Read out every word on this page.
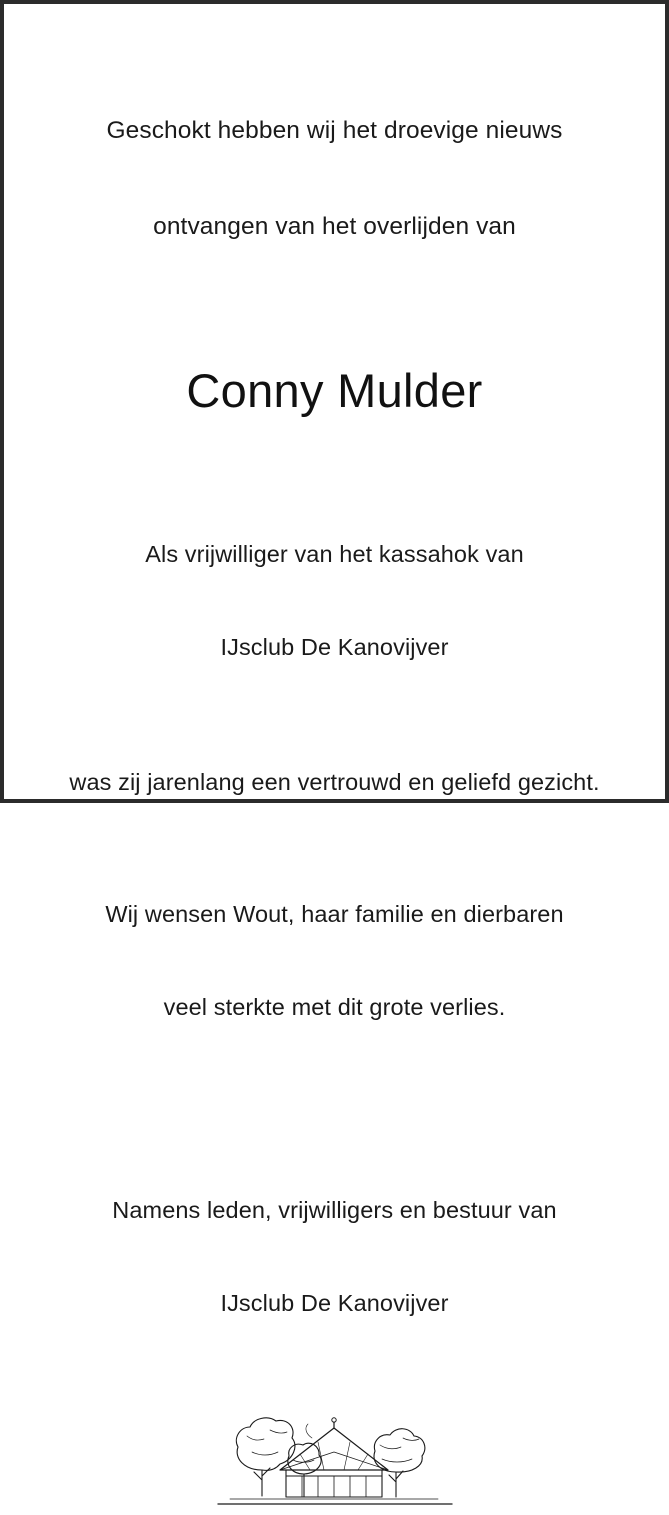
Geschokt hebben wij het droevige nieuws

ontvangen van het overlijden van

Conny Mulder

Als vrijwilliger van het kassahok van

IJsclub De Kanovijver

was zij jarenlang een vertrouwd en geliefd gezicht.

Wij wensen Wout, haar familie en dierbaren

veel sterkte met dit grote verlies.

Namens leden, vrijwilligers en bestuur van

IJsclub De Kanovijver
